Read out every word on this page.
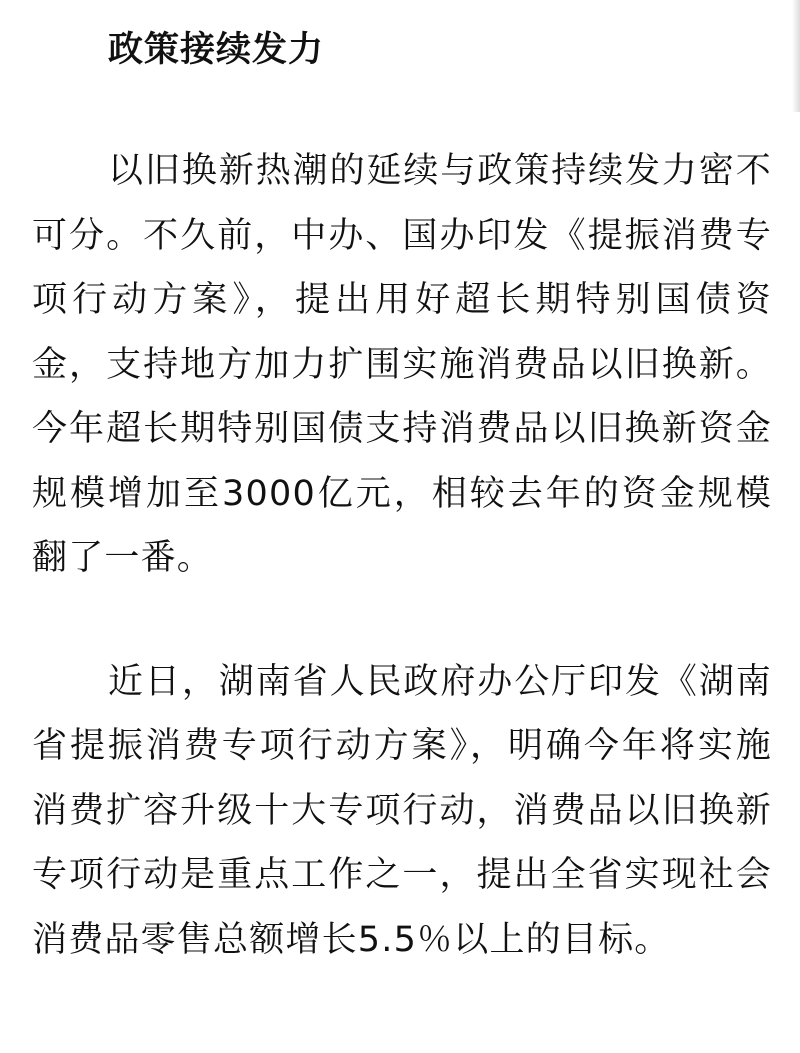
政策接续发力

以旧换新热潮的延续与政策持续发力密不可分。不久前，中办、国办印发《提振消费专项行动方案》，提出用好超长期特别国债资金，支持地方加力扩围实施消费品以旧换新。今年超长期特别国债支持消费品以旧换新资金规模增加至3000亿元，相较去年的资金规模翻了一番。

近日，湖南省人民政府办公厅印发《湖南省提振消费专项行动方案》，明确今年将实施消费扩容升级十大专项行动，消费品以旧换新专项行动是重点工作之一，提出全省实现社会消费品零售总额增长5.5％以上的目标。
